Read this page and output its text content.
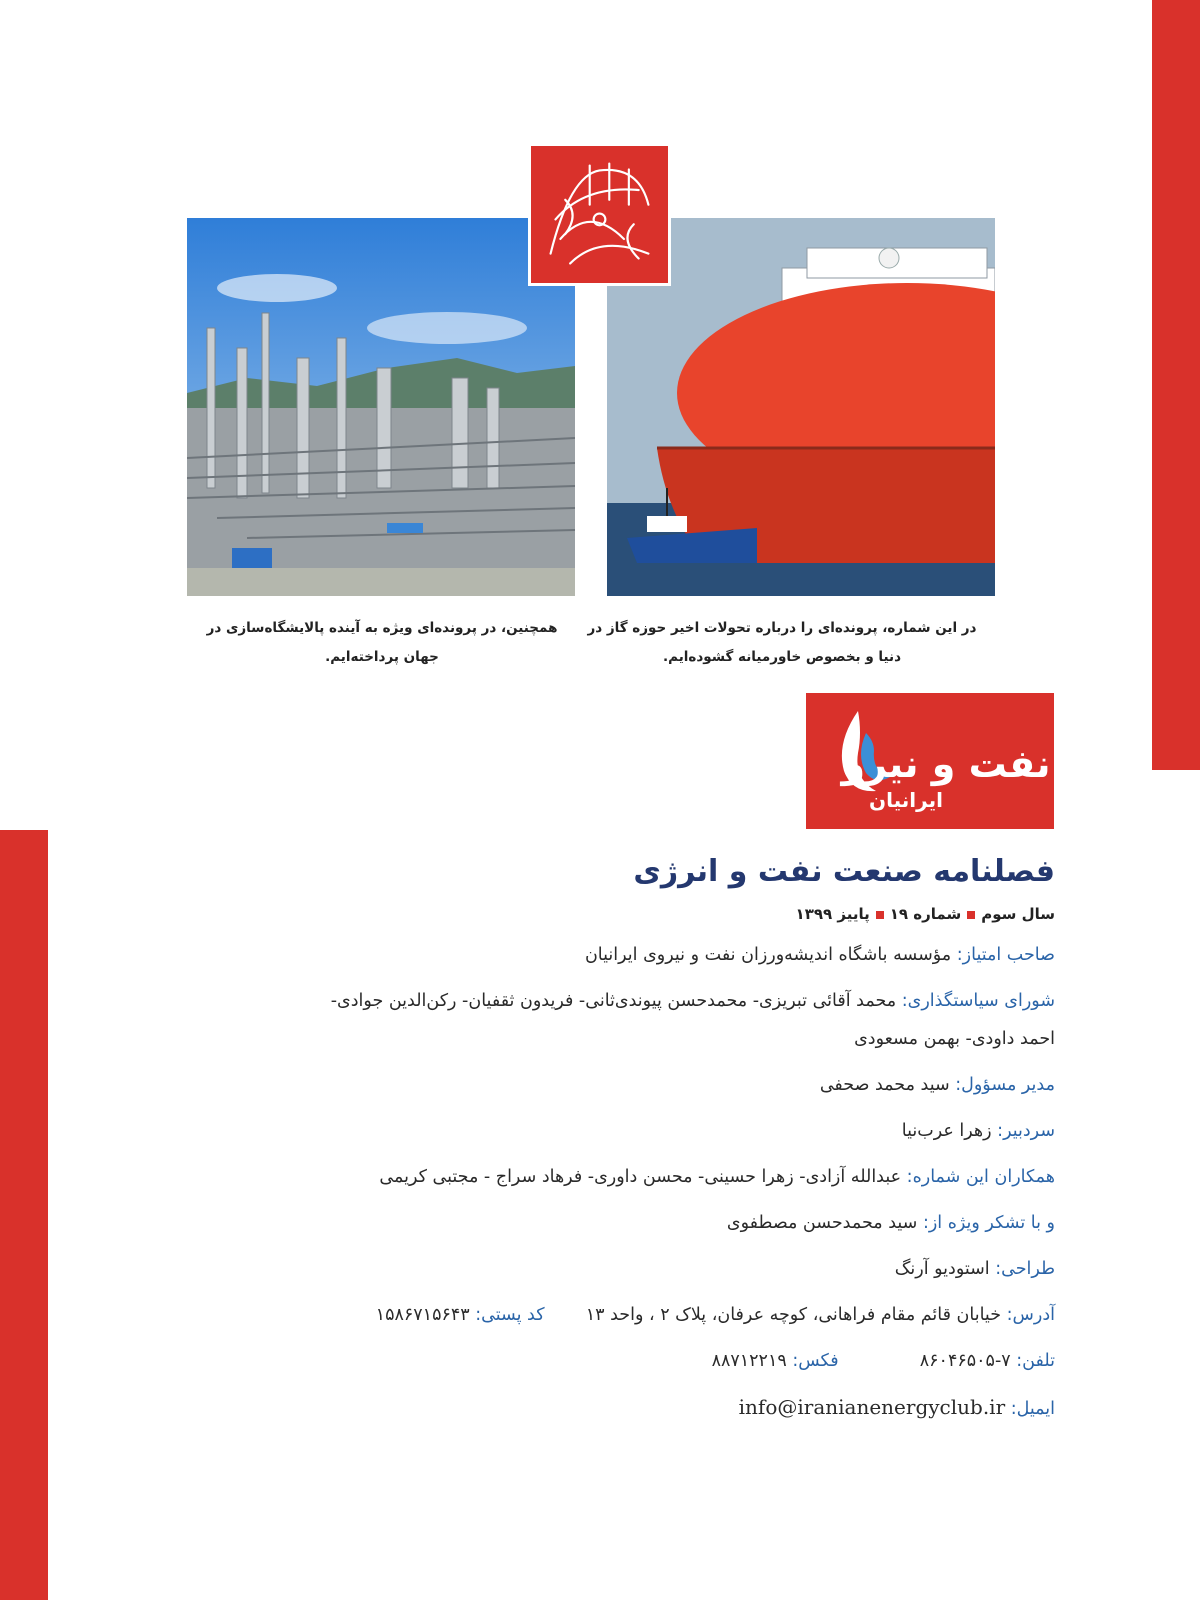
همچنین، در پرونده‌ای ویژه به آینده پالایشگاه‌سازی در جهان پرداخته‌ایم.
در این شماره، پرونده‌ای را درباره تحولات اخیر حوزه گاز در دنیا و بخصوص خاورمیانه گشوده‌ایم.
نفت و نیرو
ایرانیان
فصلنامه صنعت نفت و انرژی
سال سومشماره ۱۹پاییز ۱۳۹۹
صاحب امتیاز: مؤسسه باشگاه اندیشه‌ورزان نفت و نیروی ایرانیان
شورای سیاستگذاری: محمد آقائی تبریزی- محمدحسن پیوندی‌ثانی- فریدون ثقفیان- رکن‌الدین جوادی-
احمد داودی- بهمن مسعودی
مدیر مسؤول: سید محمد صحفی
سردبیر: زهرا عرب‌نیا
همکاران این شماره: عبدالله آزادی- زهرا حسینی- محسن داوری- فرهاد سراج - مجتبی کریمی
و با تشکر ویژه از: سید محمدحسن مصطفوی
طراحی: استودیو آرنگ
آدرس: خیابان قائم مقام فراهانی، کوچه عرفان، پلاک ۲ ، واحد ۱۳  کد پستی: ۱۵۸۶۷۱۵۶۴۳
تلفن: ۷-۸۶۰۴۶۵۰۵  فکس: ۸۸۷۱۲۲۱۹
ایمیل: info@iranianenergyclub.ir
